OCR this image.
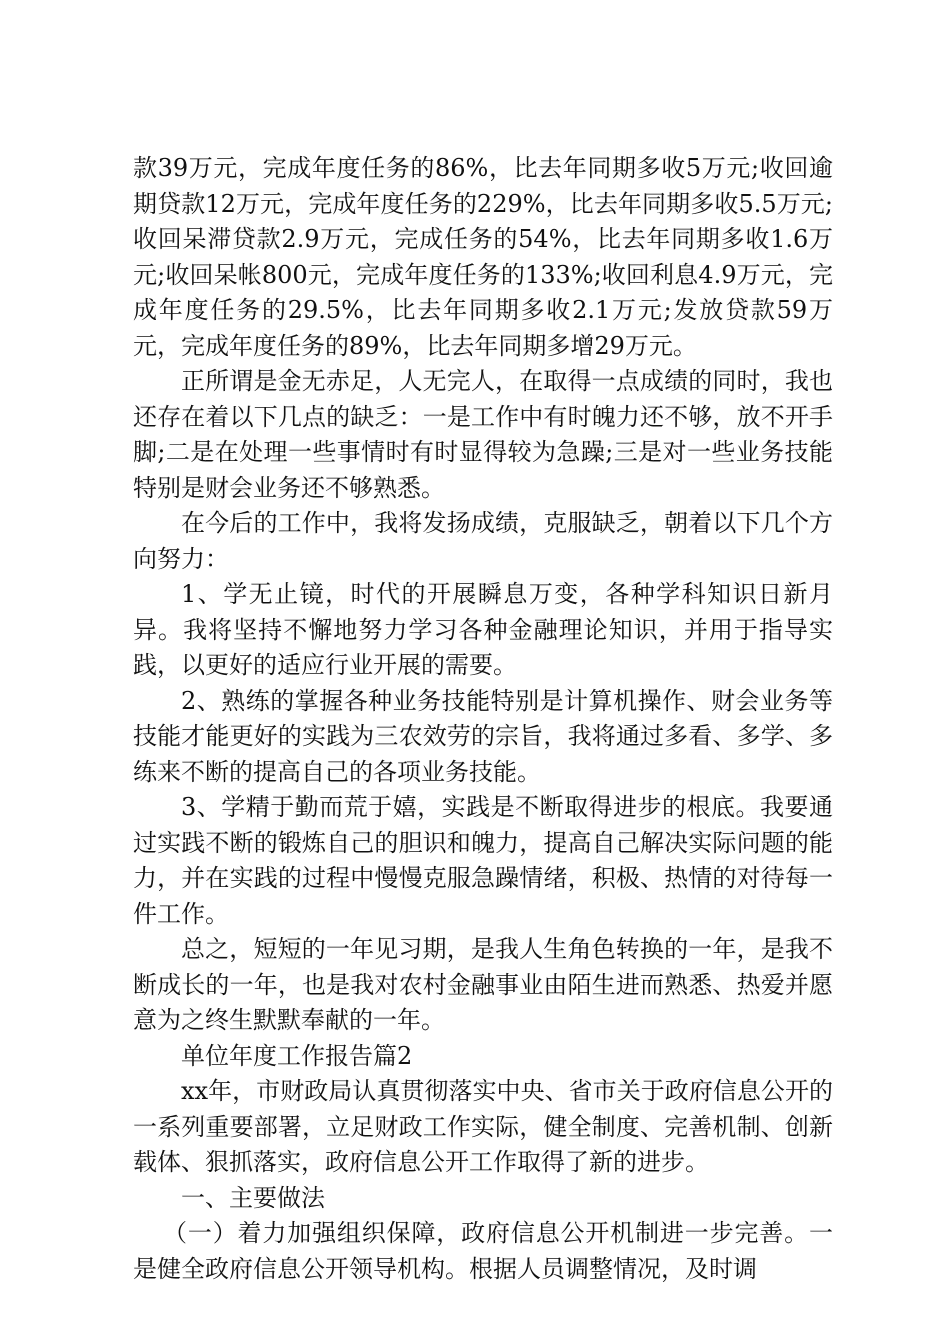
款39万元，完成年度任务的86%，比去年同期多收5万元;收回逾期贷款12万元，完成年度任务的229%，比去年同期多收5.5万元;收回呆滞贷款2.9万元，完成任务的54%，比去年同期多收1.6万元;收回呆帐800元，完成年度任务的133%;收回利息4.9万元，完成年度任务的29.5%，比去年同期多收2.1万元;发放贷款59万元，完成年度任务的89%，比去年同期多增29万元。

正所谓是金无赤足，人无完人，在取得一点成绩的同时，我也还存在着以下几点的缺乏：一是工作中有时魄力还不够，放不开手脚;二是在处理一些事情时有时显得较为急躁;三是对一些业务技能特别是财会业务还不够熟悉。

在今后的工作中，我将发扬成绩，克服缺乏，朝着以下几个方向努力：

1、学无止镜，时代的开展瞬息万变，各种学科知识日新月异。我将坚持不懈地努力学习各种金融理论知识，并用于指导实践，以更好的适应行业开展的需要。

2、熟练的掌握各种业务技能特别是计算机操作、财会业务等技能才能更好的实践为三农效劳的宗旨，我将通过多看、多学、多练来不断的提高自己的各项业务技能。

3、学精于勤而荒于嬉，实践是不断取得进步的根底。我要通过实践不断的锻炼自己的胆识和魄力，提高自己解决实际问题的能力，并在实践的过程中慢慢克服急躁情绪，积极、热情的对待每一件工作。

总之，短短的一年见习期，是我人生角色转换的一年，是我不断成长的一年，也是我对农村金融事业由陌生进而熟悉、热爱并愿意为之终生默默奉献的一年。

单位年度工作报告篇2

xx年，市财政局认真贯彻落实中央、省市关于政府信息公开的一系列重要部署，立足财政工作实际，健全制度、完善机制、创新载体、狠抓落实，政府信息公开工作取得了新的进步。

一、主要做法

（一）着力加强组织保障，政府信息公开机制进一步完善。一是健全政府信息公开领导机构。根据人员调整情况，及时调
